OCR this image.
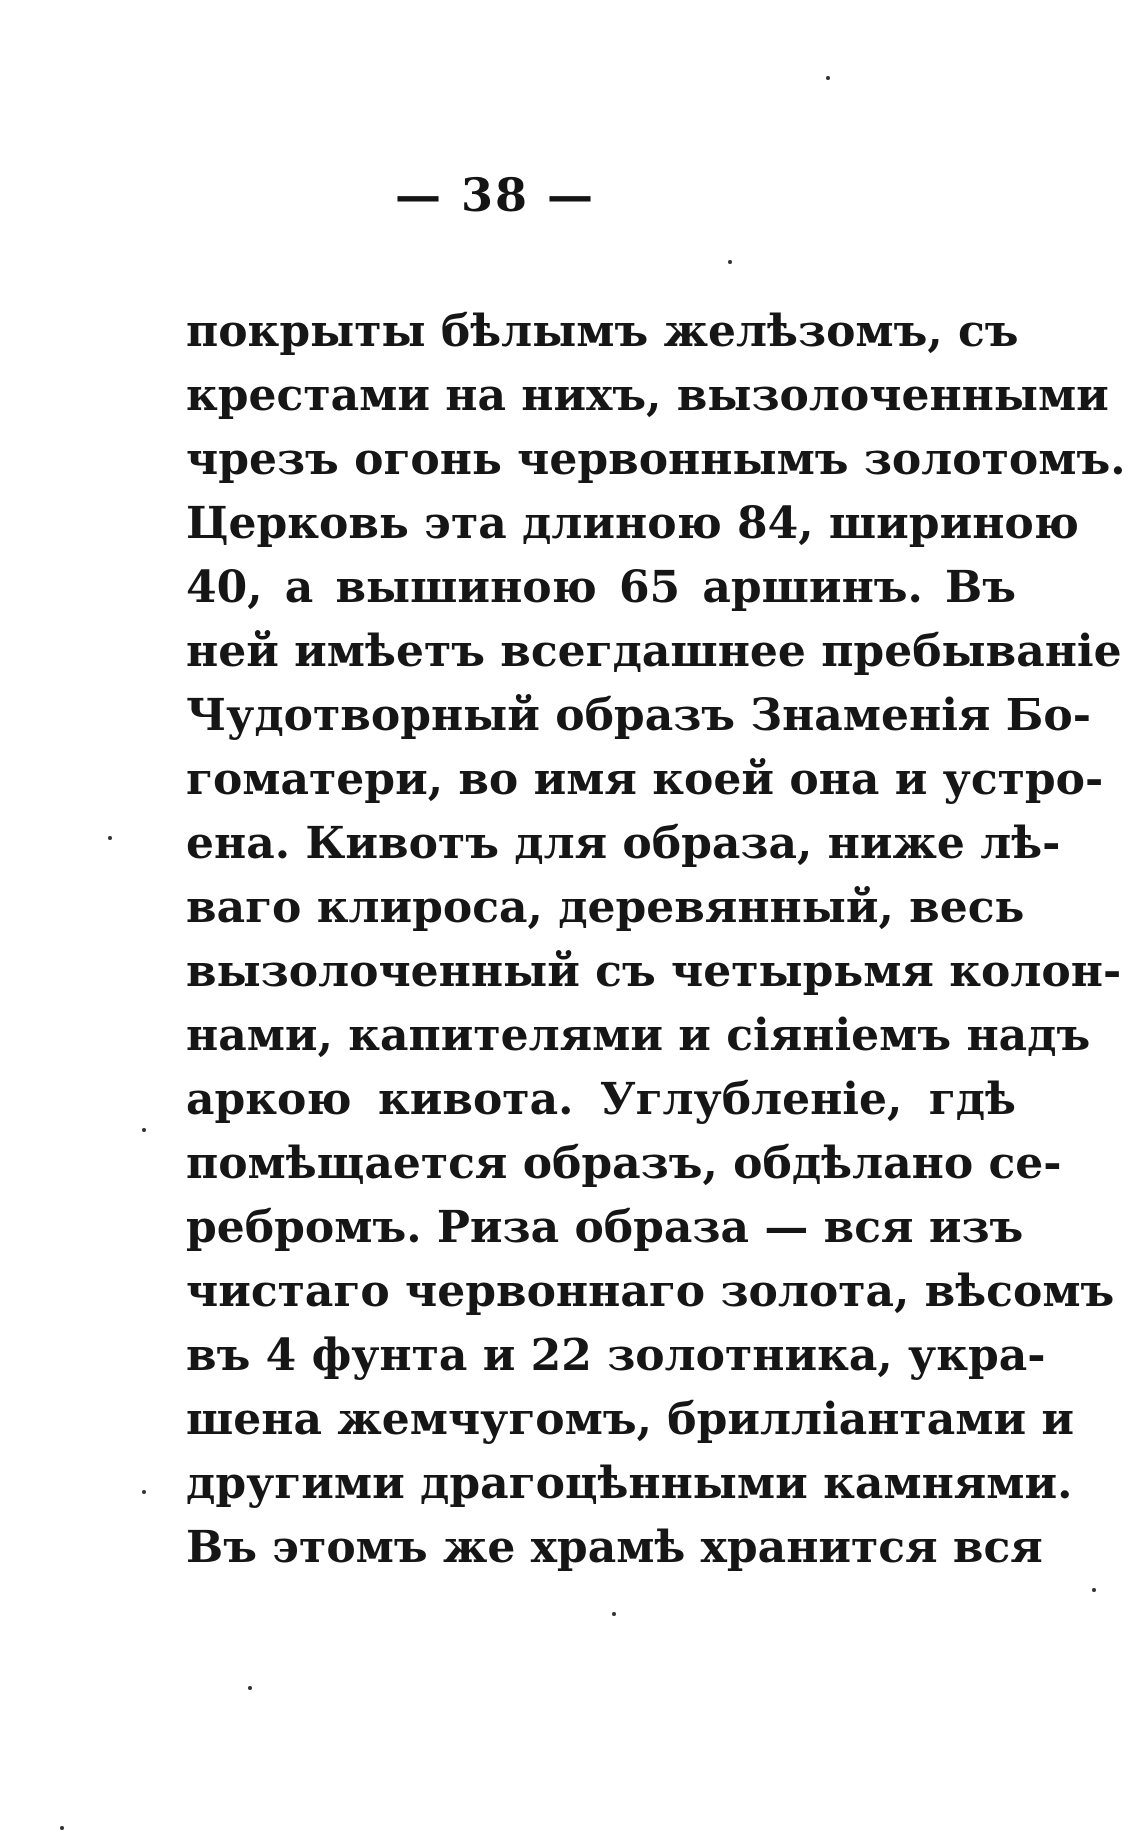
— 38 —
покрыты бѣлымъ желѣзомъ, съ
крестами на нихъ, вызолоченными
чрезъ огонь червоннымъ золотомъ.
Церковь эта длиною 84, шириною
40, а вышиною 65 аршинъ. Въ
ней имѣетъ всегдашнее пребываніе
Чудотворный образъ Знаменія Бо-
гоматери, во имя коей она и устро-
ена. Кивотъ для образа, ниже лѣ-
ваго клироса, деревянный, весь
вызолоченный съ четырьмя колон-
нами, капителями и сіяніемъ надъ
аркою кивота. Углубленіе, гдѣ
помѣщается образъ, обдѣлано се-
ребромъ. Риза образа — вся изъ
чистаго червоннаго золота, вѣсомъ
въ 4 фунта и 22 золотника, укра-
шена жемчугомъ, брилліантами и
другими драгоцѣнными камнями.
Въ этомъ же храмѣ хранится вся
